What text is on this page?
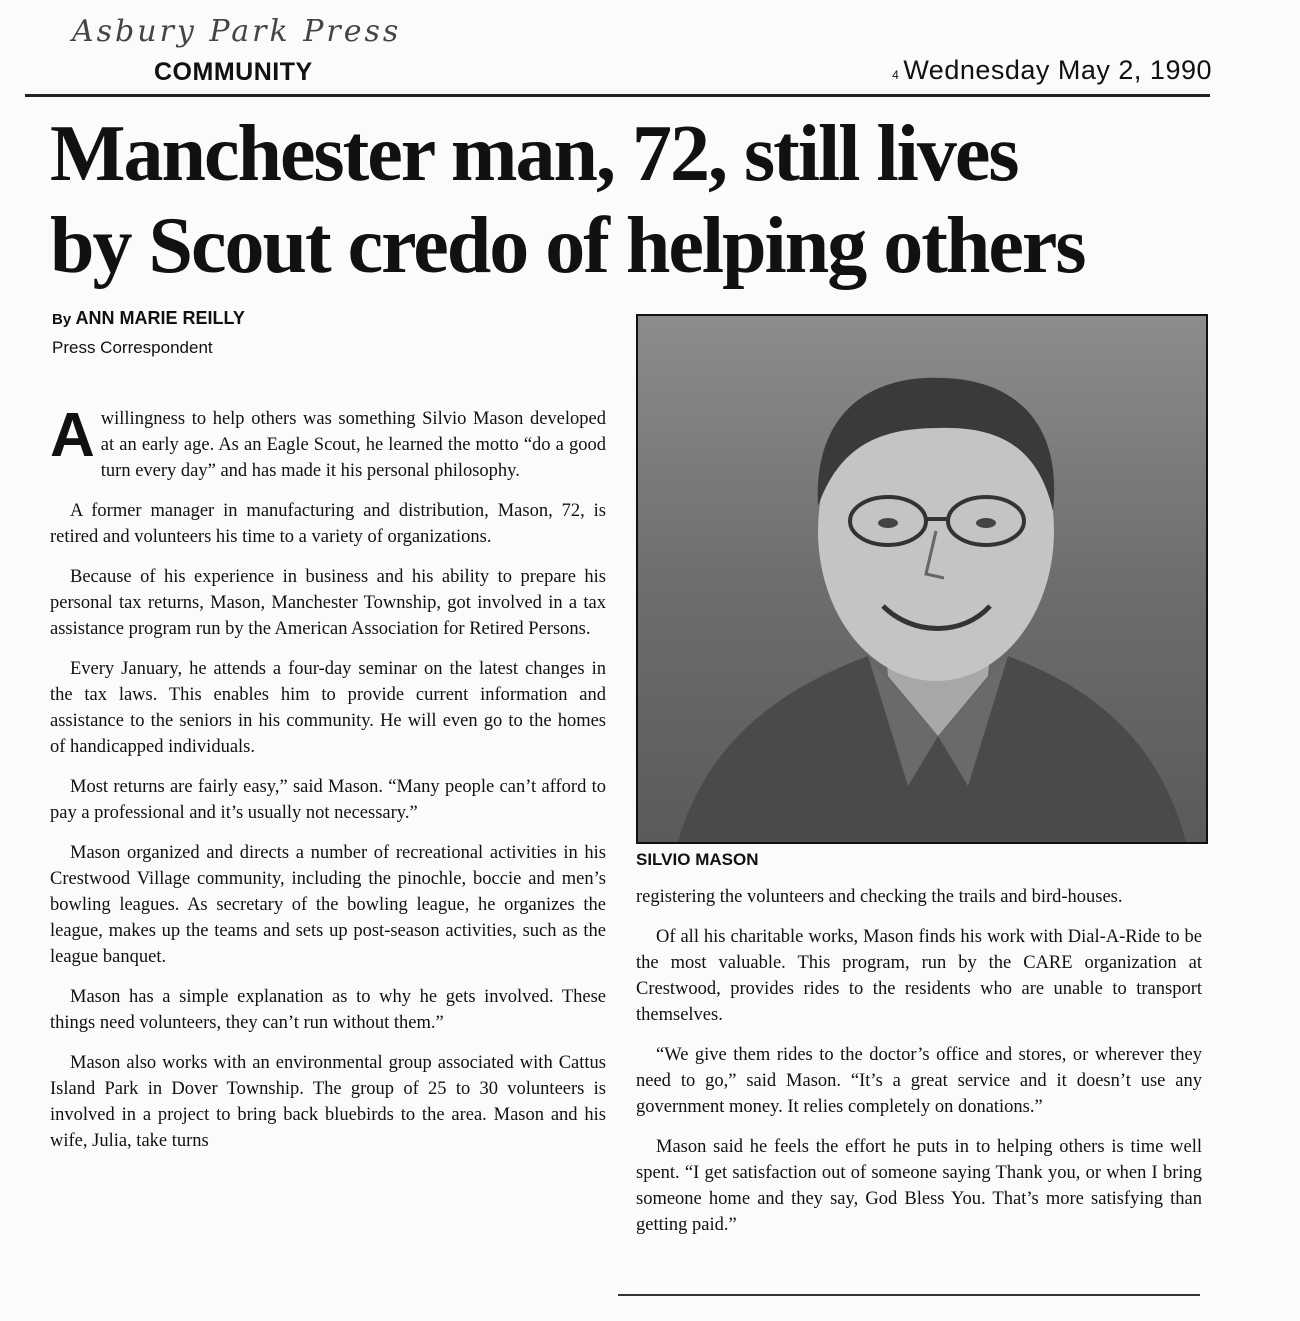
Asbury Park Press
COMMUNITY	4 Wednesday May 2, 1990
Manchester man, 72, still lives
by Scout credo of helping others
By ANN MARIE REILLY
Press Correspondent

Awillingness to help others was something Silvio Mason developed at an early age. As an Eagle Scout, he learned the motto “do a good turn every day” and has made it his personal philosophy.

A former manager in manufacturing and distribution, Mason, 72, is retired and volunteers his time to a variety of organizations.

Because of his experience in business and his ability to prepare his personal tax returns, Mason, Manchester Township, got involved in a tax assistance program run by the American Association for Retired Persons.

Every January, he attends a four-day seminar on the latest changes in the tax laws. This enables him to provide current information and assistance to the seniors in his community. He will even go to the homes of handicapped individuals.

Most returns are fairly easy,” said Mason. “Many people can’t afford to pay a professional and it’s usually not necessary.”

Mason organized and directs a number of recreational activities in his Crestwood Village community, including the pinochle, boccie and men’s bowling leagues. As secretary of the bowling league, he organizes the league, makes up the teams and sets up post-season activities, such as the league banquet.

Mason has a simple explanation as to why he gets involved. These things need volunteers, they can’t run without them.”

Mason also works with an environmental group associated with Cattus Island Park in Dover Township. The group of 25 to 30 volunteers is involved in a project to bring back bluebirds to the area. Mason and his wife, Julia, take turns

SILVIO MASON

registering the volunteers and checking the trails and bird-houses.

Of all his charitable works, Mason finds his work with Dial-A-Ride to be the most valuable. This program, run by the CARE organization at Crestwood, provides rides to the residents who are unable to transport themselves.

“We give them rides to the doctor’s office and stores, or wherever they need to go,” said Mason. “It’s a great service and it doesn’t use any government money. It relies completely on donations.”

Mason said he feels the effort he puts in to helping others is time well spent. “I get satisfaction out of someone saying Thank you, or when I bring someone home and they say, God Bless You. That’s more satisfying than getting paid.”
